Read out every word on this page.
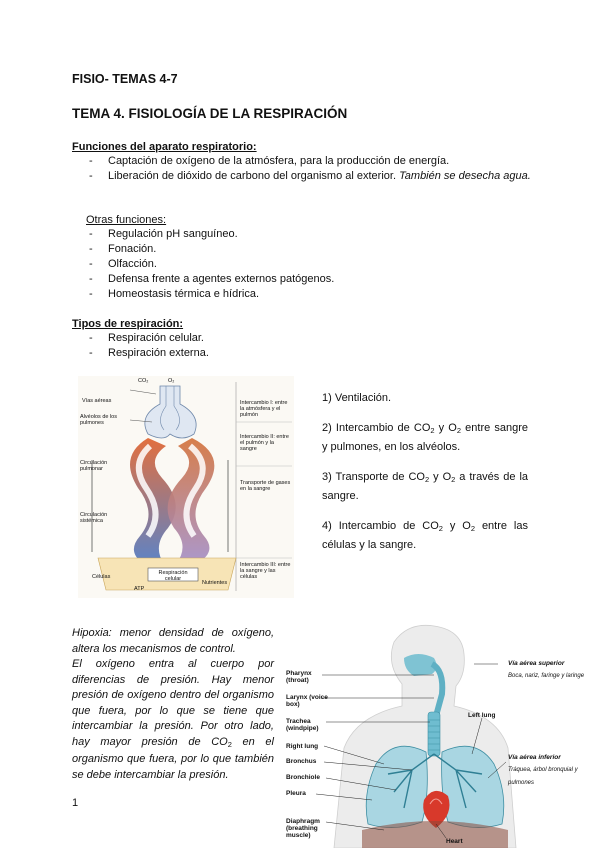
FISIO- TEMAS 4-7
TEMA 4. FISIOLOGÍA DE LA RESPIRACIÓN
Funciones del aparato respiratorio:
- Captación de oxígeno de la atmósfera, para la producción de energía.
- Liberación de dióxido de carbono del organismo al exterior. También se desecha agua.
Otras funciones:
- Regulación pH sanguíneo.
- Fonación.
- Olfacción.
- Defensa frente a agentes externos patógenos.
- Homeostasis térmica e hídrica.
Tipos de respiración:
- Respiración celular.
- Respiración externa.
CO₂	O₂
Vías aéreas
Alvéolos de los pulmones
Circulación pulmonar
Circulación sistémica
Células
ATP
Nutrientes
Respiración celular
Intercambio I: entre la atmósfera y el pulmón
Intercambio II: entre el pulmón y la sangre
Transporte de gases en la sangre
Intercambio III: entre la sangre y las células

1) Ventilación.

2) Intercambio de $CO_2$ y $O_2$ entre sangre y pulmones, en los alvéolos.

3) Transporte de $CO_2$ y $O_2$ a través de la sangre.

4) Intercambio de $CO_2$ y $O_2$ entre las células y la sangre.

Hipoxia: menor densidad de oxígeno, altera los mecanismos de control.
El oxígeno entra al cuerpo por diferencias de presión. Hay menor presión de oxígeno dentro del organismo que fuera, por lo que se tiene que intercambiar la presión. Por otro lado, hay mayor presión de $CO_2$ en el organismo que fuera, por lo que también se debe intercambiar la presión.
1
Pharynx (throat)
Larynx (voice box)
Trachea (windpipe)
Right lung
Bronchus
Bronchiole
Pleura
Diaphragm (breathing muscle)
Left lung
Heart
Vía aérea superior
Boca, nariz, faringe y laringe
Vía aérea inferior
Tráquea, árbol bronquial y pulmones
